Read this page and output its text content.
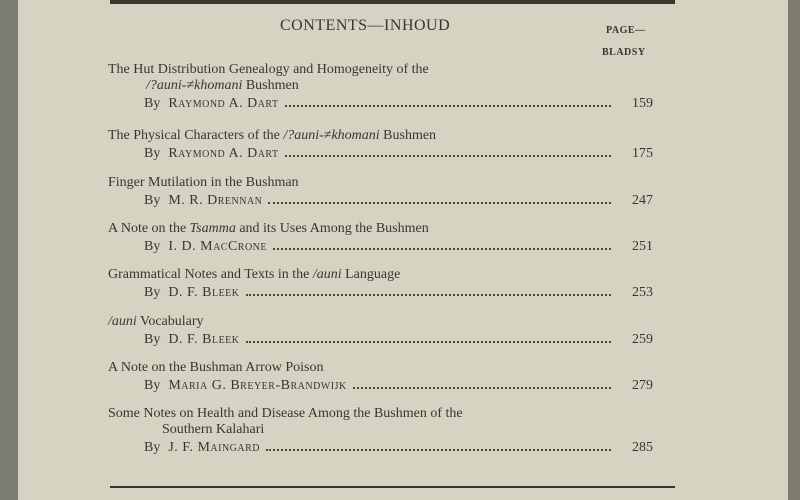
CONTENTS—INHOUD	PAGE—
BLADSY
The Hut Distribution Genealogy and Homogeneity of the
/?auni-≠khomani Bushmen
By Raymond A. Dart	159
The Physical Characters of the /?auni-≠khomani Bushmen
By Raymond A. Dart	175
Finger Mutilation in the Bushman
By M. R. Drennan	247
A Note on the Tsamma and its Uses Among the Bushmen
By I. D. MacCrone	251
Grammatical Notes and Texts in the /auni Language
By D. F. Bleek	253
/auni Vocabulary
By D. F. Bleek	259
A Note on the Bushman Arrow Poison
By Maria G. Breyer-Brandwijk	279
Some Notes on Health and Disease Among the Bushmen of the
Southern Kalahari
By J. F. Maingard	285
